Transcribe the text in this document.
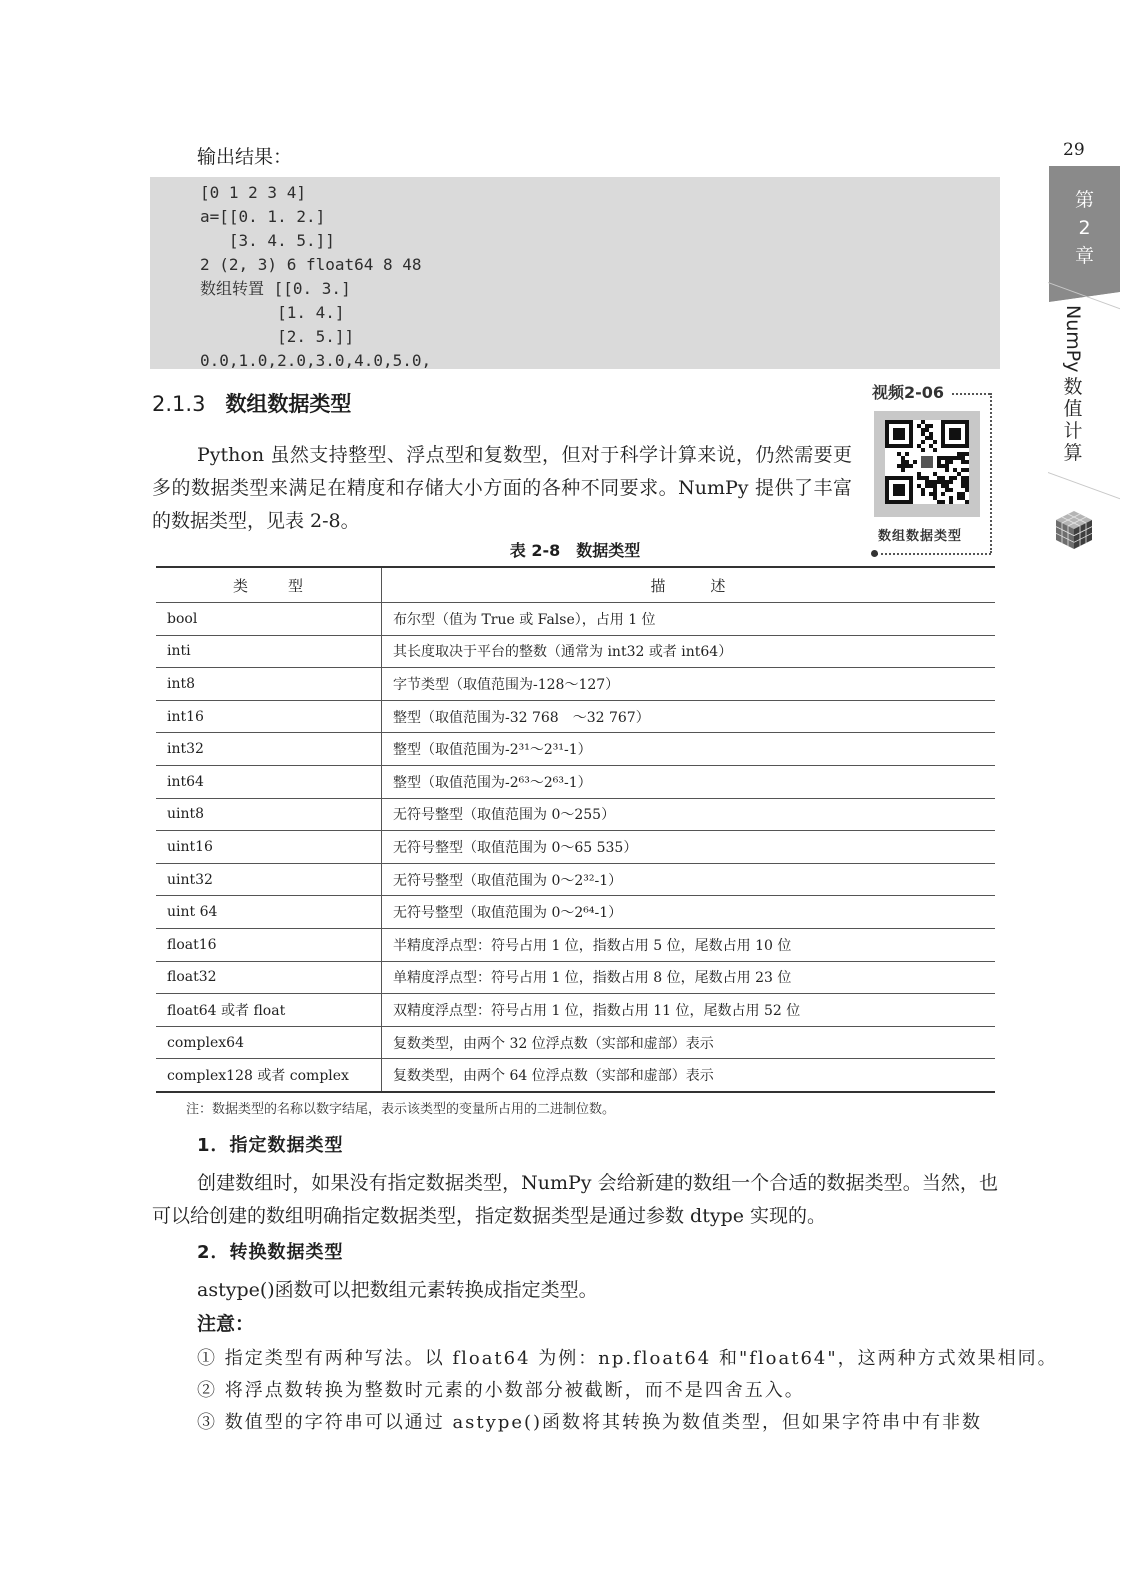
29
第
2
章
NumPy
数
值
计
算
输出结果：
[0 1 2 3 4]
a=[[0. 1. 2.]
[3. 4. 5.]]
2 (2, 3) 6 float64 8 48
数组转置 [[0. 3.]
[1. 4.]
[2. 5.]]
0.0,1.0,2.0,3.0,4.0,5.0,
2.1.3 数组数据类型
Python 虽然支持整型、浮点型和复数型，但对于科学计算来说，仍然需要更多的数据类型来满足在精度和存储大小方面的各种不同要求。NumPy 提供了丰富的数据类型，见表 2-8。
视频2-06
数组数据类型
表 2-8　数据类型
类型	描述
bool	布尔型（值为 True 或 False），占用 1 位
inti	其长度取决于平台的整数（通常为 int32 或者 int64）
int8	字节类型（取值范围为-128～127）
int16	整型（取值范围为-32 768　～32 767）
int32	整型（取值范围为-2³¹～2³¹-1）
int64	整型（取值范围为-2⁶³～2⁶³-1）
uint8	无符号整型（取值范围为 0～255）
uint16	无符号整型（取值范围为 0～65 535）
uint32	无符号整型（取值范围为 0～2³²-1）
uint 64	无符号整型（取值范围为 0～2⁶⁴-1）
float16	半精度浮点型：符号占用 1 位，指数占用 5 位，尾数占用 10 位
float32	单精度浮点型：符号占用 1 位，指数占用 8 位，尾数占用 23 位
float64 或者 float	双精度浮点型：符号占用 1 位，指数占用 11 位，尾数占用 52 位
complex64	复数类型，由两个 32 位浮点数（实部和虚部）表示
complex128 或者 complex	复数类型，由两个 64 位浮点数（实部和虚部）表示
注：数据类型的名称以数字结尾，表示该类型的变量所占用的二进制位数。
1．指定数据类型
创建数组时，如果没有指定数据类型，NumPy 会给新建的数组一个合适的数据类型。当然，也可以给创建的数组明确指定数据类型，指定数据类型是通过参数 dtype 实现的。
2．转换数据类型
astype()函数可以把数组元素转换成指定类型。
注意：
① 指定类型有两种写法。以 float64 为例：np.float64 和"float64"，这两种方式效果相同。
② 将浮点数转换为整数时元素的小数部分被截断，而不是四舍五入。
③ 数值型的字符串可以通过 astype()函数将其转换为数值类型，但如果字符串中有非数
